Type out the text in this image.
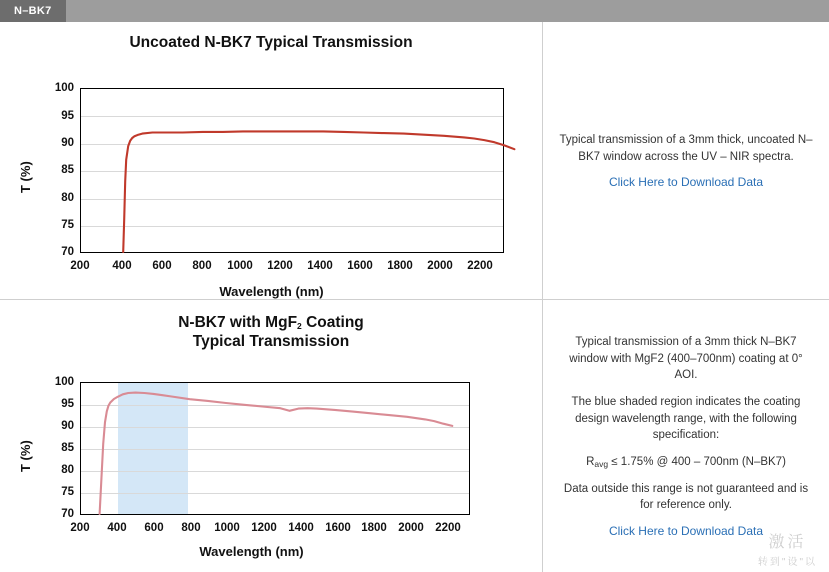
N–BK7
Uncoated N-BK7 Typical Transmission
100
95
90
85
80
75
70
200	400	600	800	1000	1200	1400	1600	1800	2000	2200
T (%)
Wavelength (nm)

Typical transmission of a 3mm thick, uncoated N–BK7 window across the UV – NIR spectra.

Click Here to Download Data
N-BK7 with MgF$_2$ Coating
Typical Transmission
100
95
90
85
80
75
70
200	400	600	800	1000 1200 1400 1600 1800 2000 2200
T (%)
Wavelength (nm)

Typical transmission of a 3mm thick N–BK7 window with MgF2 (400–700nm) coating at 0° AOI.

The blue shaded region indicates the coating design wavelength range, with the following specification:

$R_{avg} \le 1.75\%$ @ 400 – 700nm (N–BK7)

Data outside this range is not guaranteed and is for reference only.

Click Here to Download Data
激活
转到"设"以
